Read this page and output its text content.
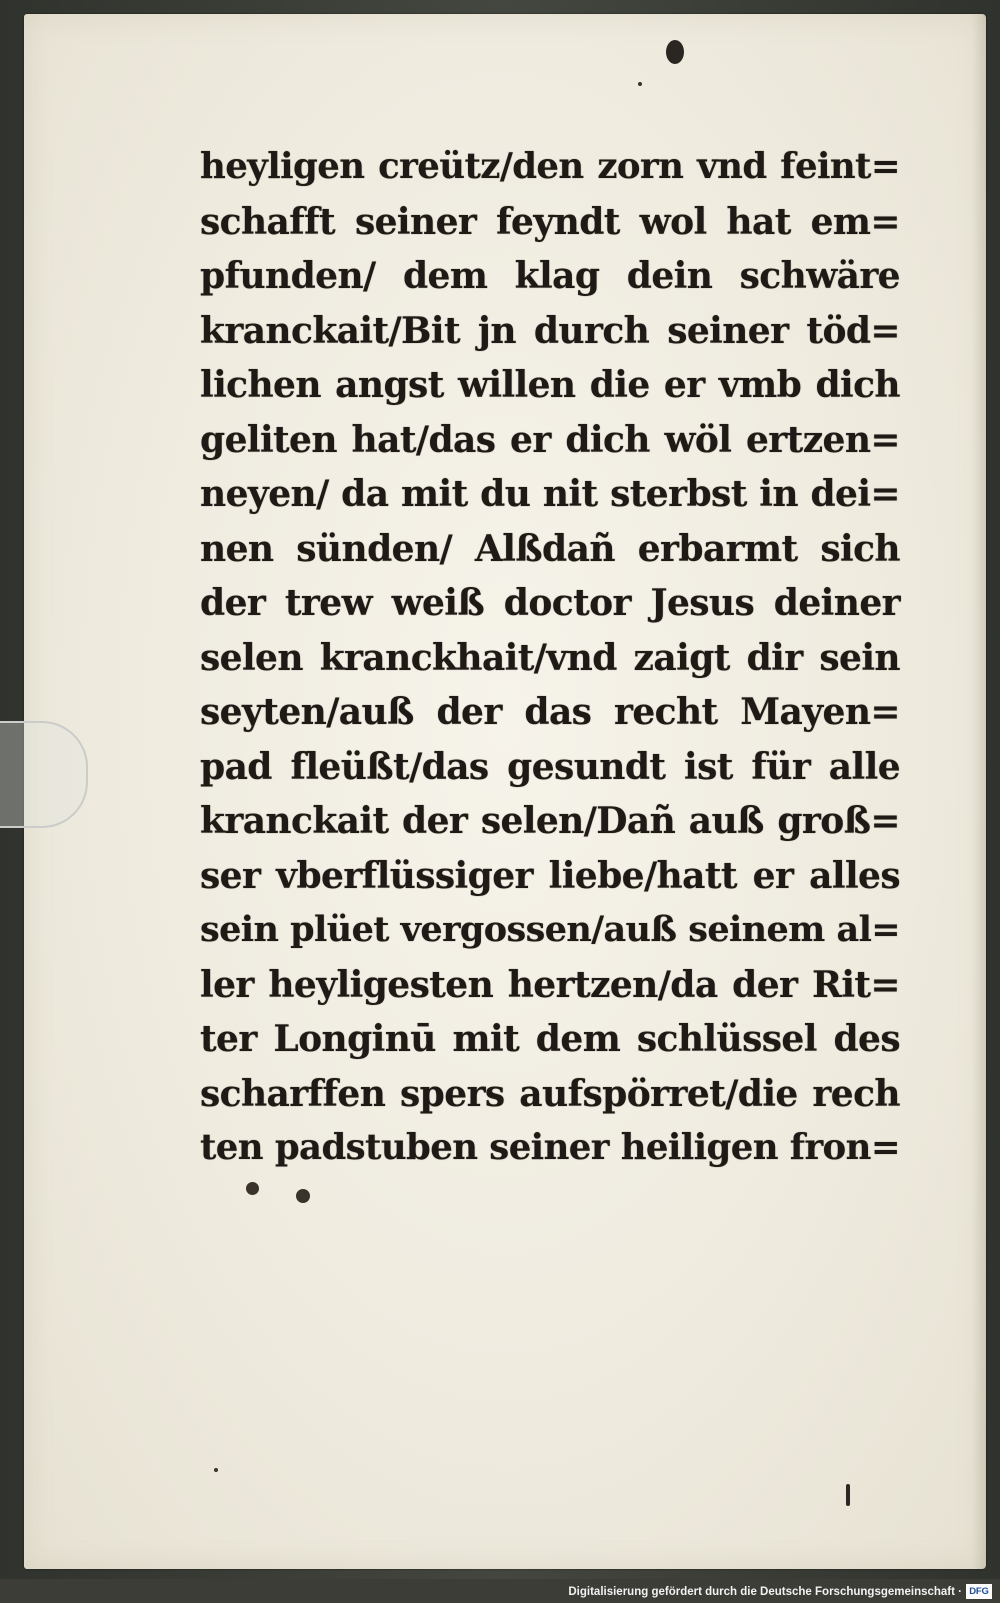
heyligen creütz/den zorn vnd feint=
schafft seiner feyndt wol hat em=
pfunden/ dem klag dein schwäre
kranckait/Bit jn durch seiner töd=
lichen angst willen die er vmb dich
geliten hat/das er dich wöl ertzen=
neyen/ da mit du nit sterbst in dei=
nen sünden/ Alßdañ erbarmt sich
der trew weiß doctor Jesus deiner
selen kranckhait/vnd zaigt dir sein
seyten/auß der das recht Mayen=
pad fleüßt/das gesundt ist für alle
kranckait der selen/Dañ auß groß=
ser vberflüssiger liebe/hatt er alles
sein plüet vergossen/auß seinem al=
ler heyligesten hertzen/da der Rit=
ter Longinū mit dem schlüssel des
scharffen spers aufspörret/die rech
ten padstuben seiner heiligen fron=
Digitalisierung gefördert durch die Deutsche Forschungsgemeinschaft · DFG
